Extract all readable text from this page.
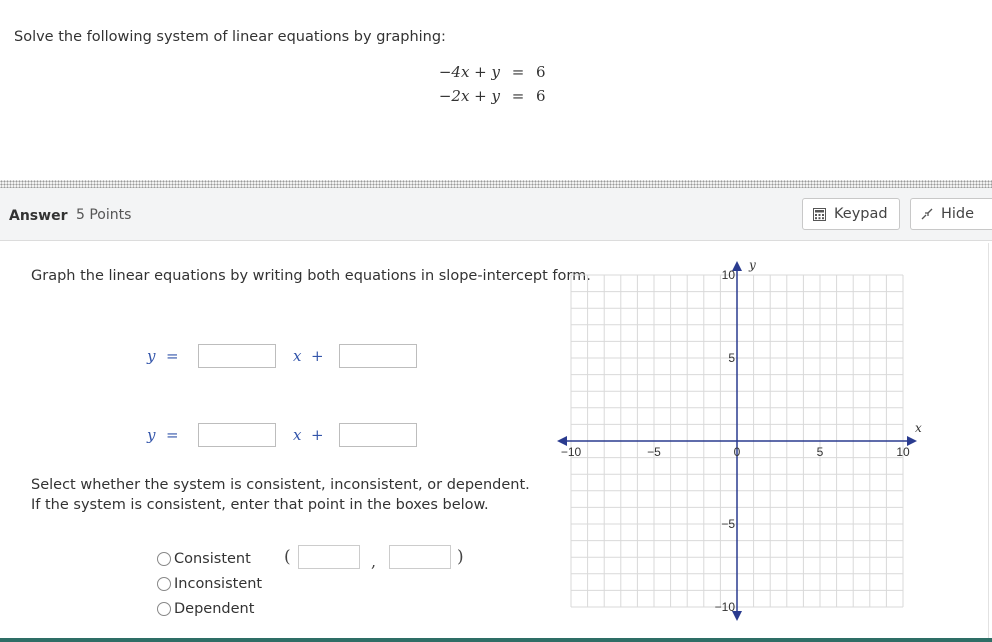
Solve the following system of linear equations by graphing:
−4x + y = 6
−2x + y = 6
Answer 5 Points	Keypad	Hide
Graph the linear equations by writing both equations in slope-intercept form.
y =	x +
y =	x +
Select whether the system is consistent, inconsistent, or dependent. If the system is consistent, enter that point in the boxes below.
Consistent
Inconsistent
Dependent
(	,	)
x
y
−10	−5	0	5	10
10
5
−5
−10
